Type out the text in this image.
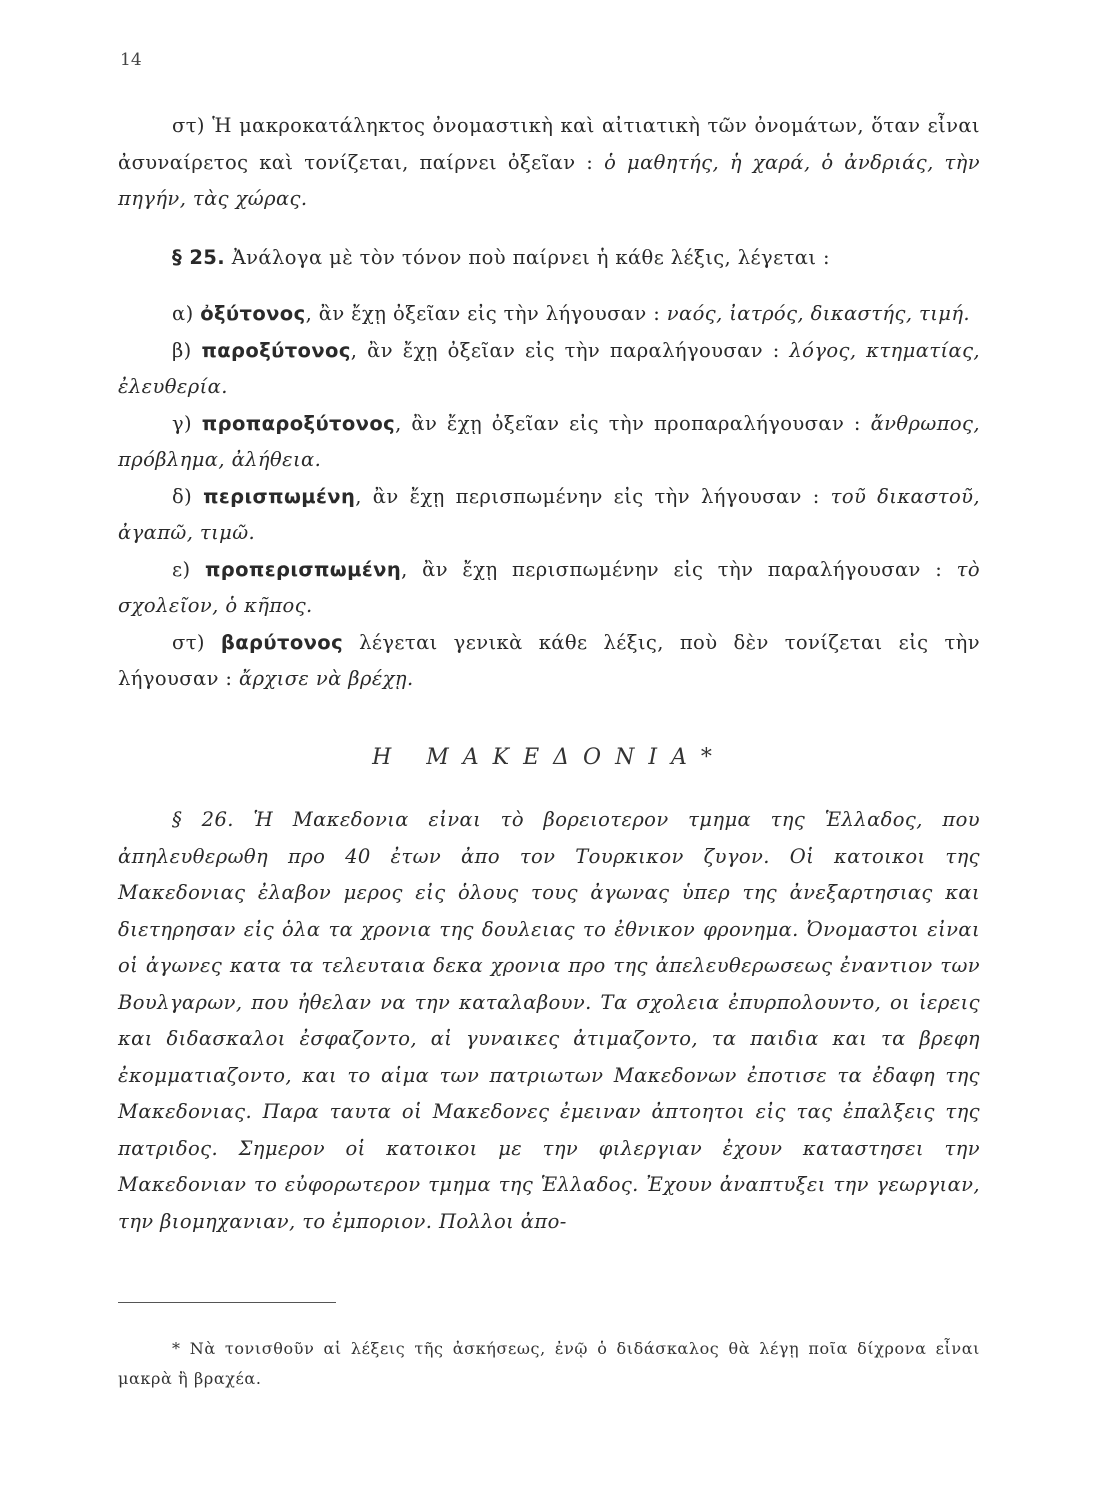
14

στ) Ἡ μακροκατάληκτος ὀνομαστικὴ καὶ αἰτιατικὴ τῶν ὀνομάτων, ὅταν εἶναι ἀσυναίρετος καὶ τονίζεται, παίρνει ὀξεῖαν : ὁ μαθητής, ἡ χαρά, ὁ ἀνδριάς, τὴν πηγήν, τὰς χώρας.

§ 25. Ἀνάλογα μὲ τὸν τόνον ποὺ παίρνει ἡ κάθε λέξις, λέγεται :

α) ὀξύτονος, ἂν ἔχῃ ὀξεῖαν εἰς τὴν λήγουσαν : ναός, ἰατρός, δικαστής, τιμή.

β) παροξύτονος, ἂν ἔχῃ ὀξεῖαν εἰς τὴν παραλήγουσαν : λόγος, κτηματίας, ἐλευθερία.

γ) προπαροξύτονος, ἂν ἔχῃ ὀξεῖαν εἰς τὴν προπαραλήγουσαν : ἄνθρωπος, πρόβλημα, ἀλήθεια.

δ) περισπωμένη, ἂν ἔχῃ περισπωμένην εἰς τὴν λήγουσαν : τοῦ δικαστοῦ, ἀγαπῶ, τιμῶ.

ε) προπερισπωμένη, ἂν ἔχῃ περισπωμένην εἰς τὴν παραλήγουσαν : τὸ σχολεῖον, ὁ κῆπος.

στ) βαρύτονος λέγεται γενικὰ κάθε λέξις, ποὺ δὲν τονίζεται εἰς τὴν λήγουσαν : ἄρχισε νὰ βρέχῃ.

Η ΜΑΚΕΔΟΝΙΑ*

§ 26. Ἡ Μακεδονια εἰναι τὸ βορειοτερον τμημα της Ἑλλαδος, που ἀπηλευθερωθη προ 40 ἐτων ἀπο τον Τουρκικον ζυγον. Οἱ κατοικοι της Μακεδονιας ἐλαβον μερος εἰς ὁλους τους ἀγωνας ὑπερ της ἀνεξαρτησιας και διετηρησαν εἰς ὁλα τα χρονια της δουλειας το ἐθνικον φρονημα. Ὀνομαστοι εἰναι οἱ ἀγωνες κατα τα τελευταια δεκα χρονια προ της ἀπελευθερωσεως ἐναντιον των Βουλγαρων, που ἠθελαν να την καταλαβουν. Τα σχολεια ἐπυρπολουντο, οι ἱερεις και διδασκαλοι ἐσφαζοντο, αἱ γυναικες ἀτιμαζοντο, τα παιδια και τα βρεφη ἐκομματιαζοντο, και το αἱμα των πατριωτων Μακεδονων ἐποτισε τα ἐδαφη της Μακεδονιας. Παρα ταυτα οἱ Μακεδονες ἐμειναν ἀπτοητοι εἰς τας ἐπαλξεις της πατριδος. Σημερον οἱ κατοικοι με την φιλεργιαν ἐχουν καταστησει την Μακεδονιαν το εὐφορωτερον τμημα της Ἑλλαδος. Ἐχουν ἀναπτυξει την γεωργιαν, την βιομηχανιαν, το ἐμποριον. Πολλοι ἀπο-

* Νὰ τονισθοῦν αἱ λέξεις τῆς ἀσκήσεως, ἐνῷ ὁ διδάσκαλος θὰ λέγῃ ποῖα δίχρονα εἶναι μακρὰ ἢ βραχέα.
